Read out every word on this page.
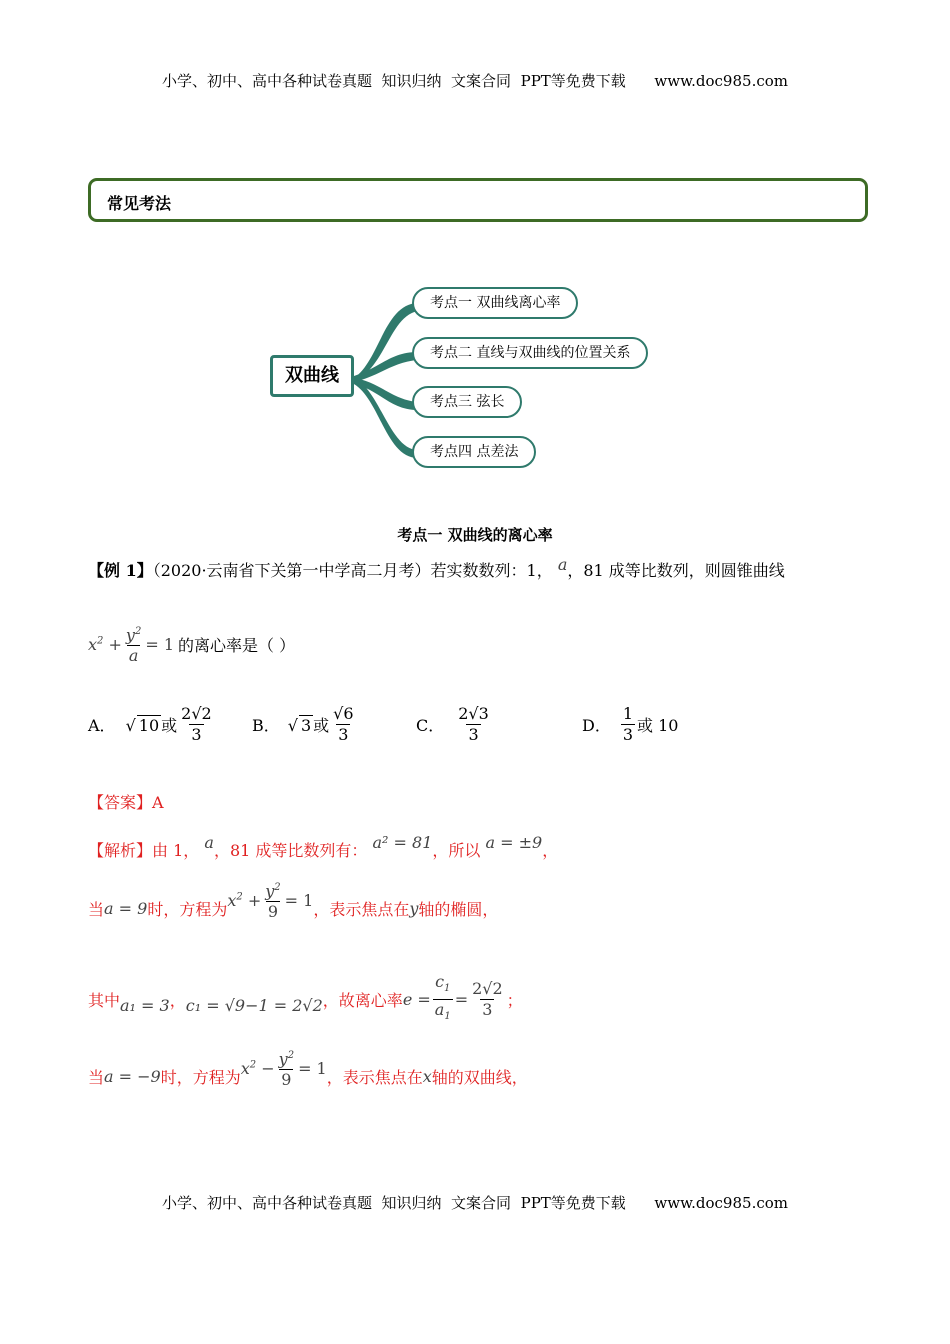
小学、初中、高中各种试卷真题  知识归纳  文案合同  PPT等免费下载      www.doc985.com
常见考法
双曲线
考点一 双曲线离心率
考点二 直线与双曲线的位置关系
考点三 弦长
考点四 点差法
考点一 双曲线的离心率
【例 1】（2020·云南省下关第一中学高二月考）若实数数列：1， a，81 成等比数列，则圆锥曲线
$x^2 + \frac{y^2}{a} = 1$ 的离心率是（ ）
A． √ 10 或 $\frac{2√2}{3}$ B． √ 3 或 $\frac{√6}{3}$	C． $\frac{2√3}{3}$	D． $\frac{1}{3}$ 或 10
【答案】A
【解析】由 1， a，81 成等比数列有： a² = 81，所以 a = ±9，
当 a = 9 时，方程为 $x^2 + \frac{y^2}{9} = 1$ ，表示焦点在 y 轴的椭圆，
其中 a₁ = 3 ， c₁ = √9−1 = 2√2 ，故离心率 $e = \frac{c_1}{a_1} = \frac{2√2}{3}$ ；
当 a = −9 时，方程为 $x^2 - \frac{y^2}{9} = 1$ ，表示焦点在 x 轴的双曲线，
小学、初中、高中各种试卷真题  知识归纳  文案合同  PPT等免费下载      www.doc985.com
